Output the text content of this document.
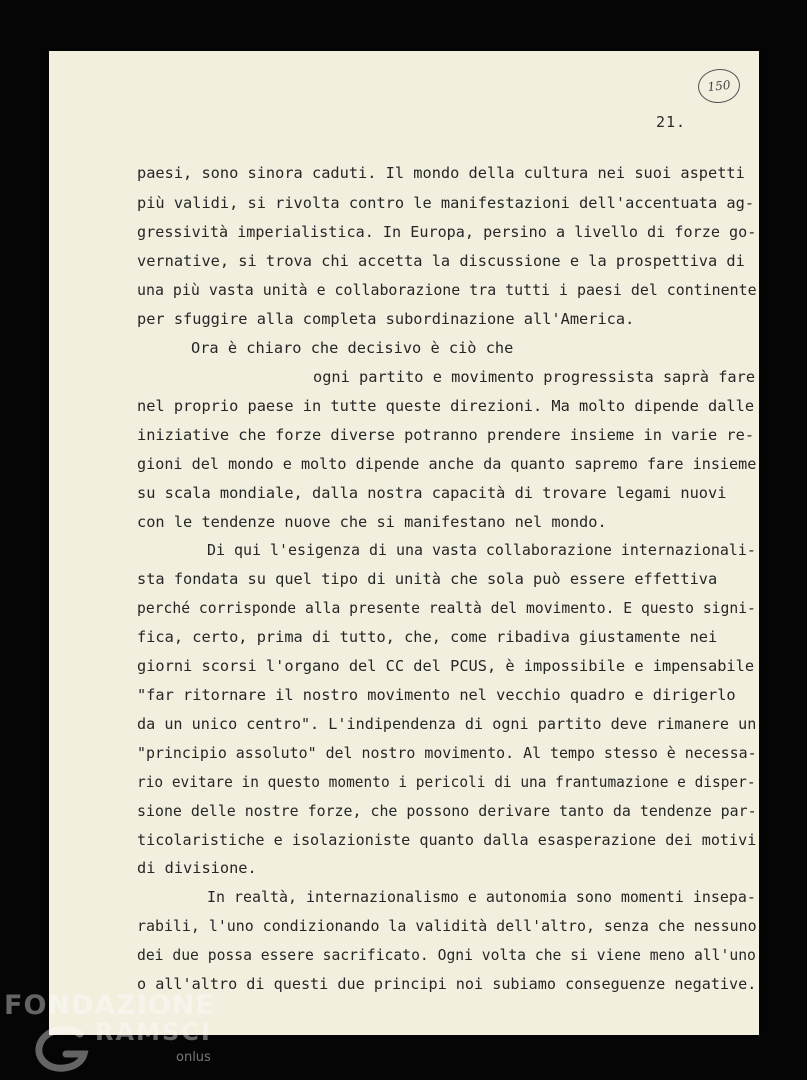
150
21.
paesi, sono sinora caduti. Il mondo della cultura nei suoi aspetti
più validi, si rivolta contro le manifestazioni dell'accentuata ag-
gressività imperialistica. In Europa, persino a livello di forze go-
vernative, si trova chi accetta la discussione e la prospettiva di
una più vasta unità e collaborazione tra tutti i paesi del continente
per sfuggire alla completa subordinazione all'America.
Ora è chiaro che decisivo è ciò che
ogni partito e movimento progressista saprà fare
nel proprio paese in tutte queste direzioni. Ma molto dipende dalle
iniziative che forze diverse potranno prendere insieme in varie re-
gioni del mondo e molto dipende anche da quanto sapremo fare insieme
su scala mondiale, dalla nostra capacità di trovare legami nuovi
con le tendenze nuove che si manifestano nel mondo.
Di qui l'esigenza di una vasta collaborazione internazionali-
sta fondata su quel tipo di unità che sola può essere effettiva
perché corrisponde alla presente realtà del movimento. E questo signi-
fica, certo, prima di tutto, che, come ribadiva giustamente nei
giorni scorsi l'organo del CC del PCUS, è impossibile e impensabile
"far ritornare il nostro movimento nel vecchio quadro e dirigerlo
da un unico centro". L'indipendenza di ogni partito deve rimanere un
"principio assoluto" del nostro movimento. Al tempo stesso è necessa-
rio evitare in questo momento i pericoli di una frantumazione e disper-
sione delle nostre forze, che possono derivare tanto da tendenze par-
ticolaristiche e isolazioniste quanto dalla esasperazione dei motivi
di divisione.
In realtà, internazionalismo e autonomia sono momenti insepa-
rabili, l'uno condizionando la validità dell'altro, senza che nessuno
dei due possa essere sacrificato. Ogni volta che si viene meno all'uno
o all'altro di questi due principi noi subiamo conseguenze negative.
FONDAZIONE
RAMSCI
onlus
